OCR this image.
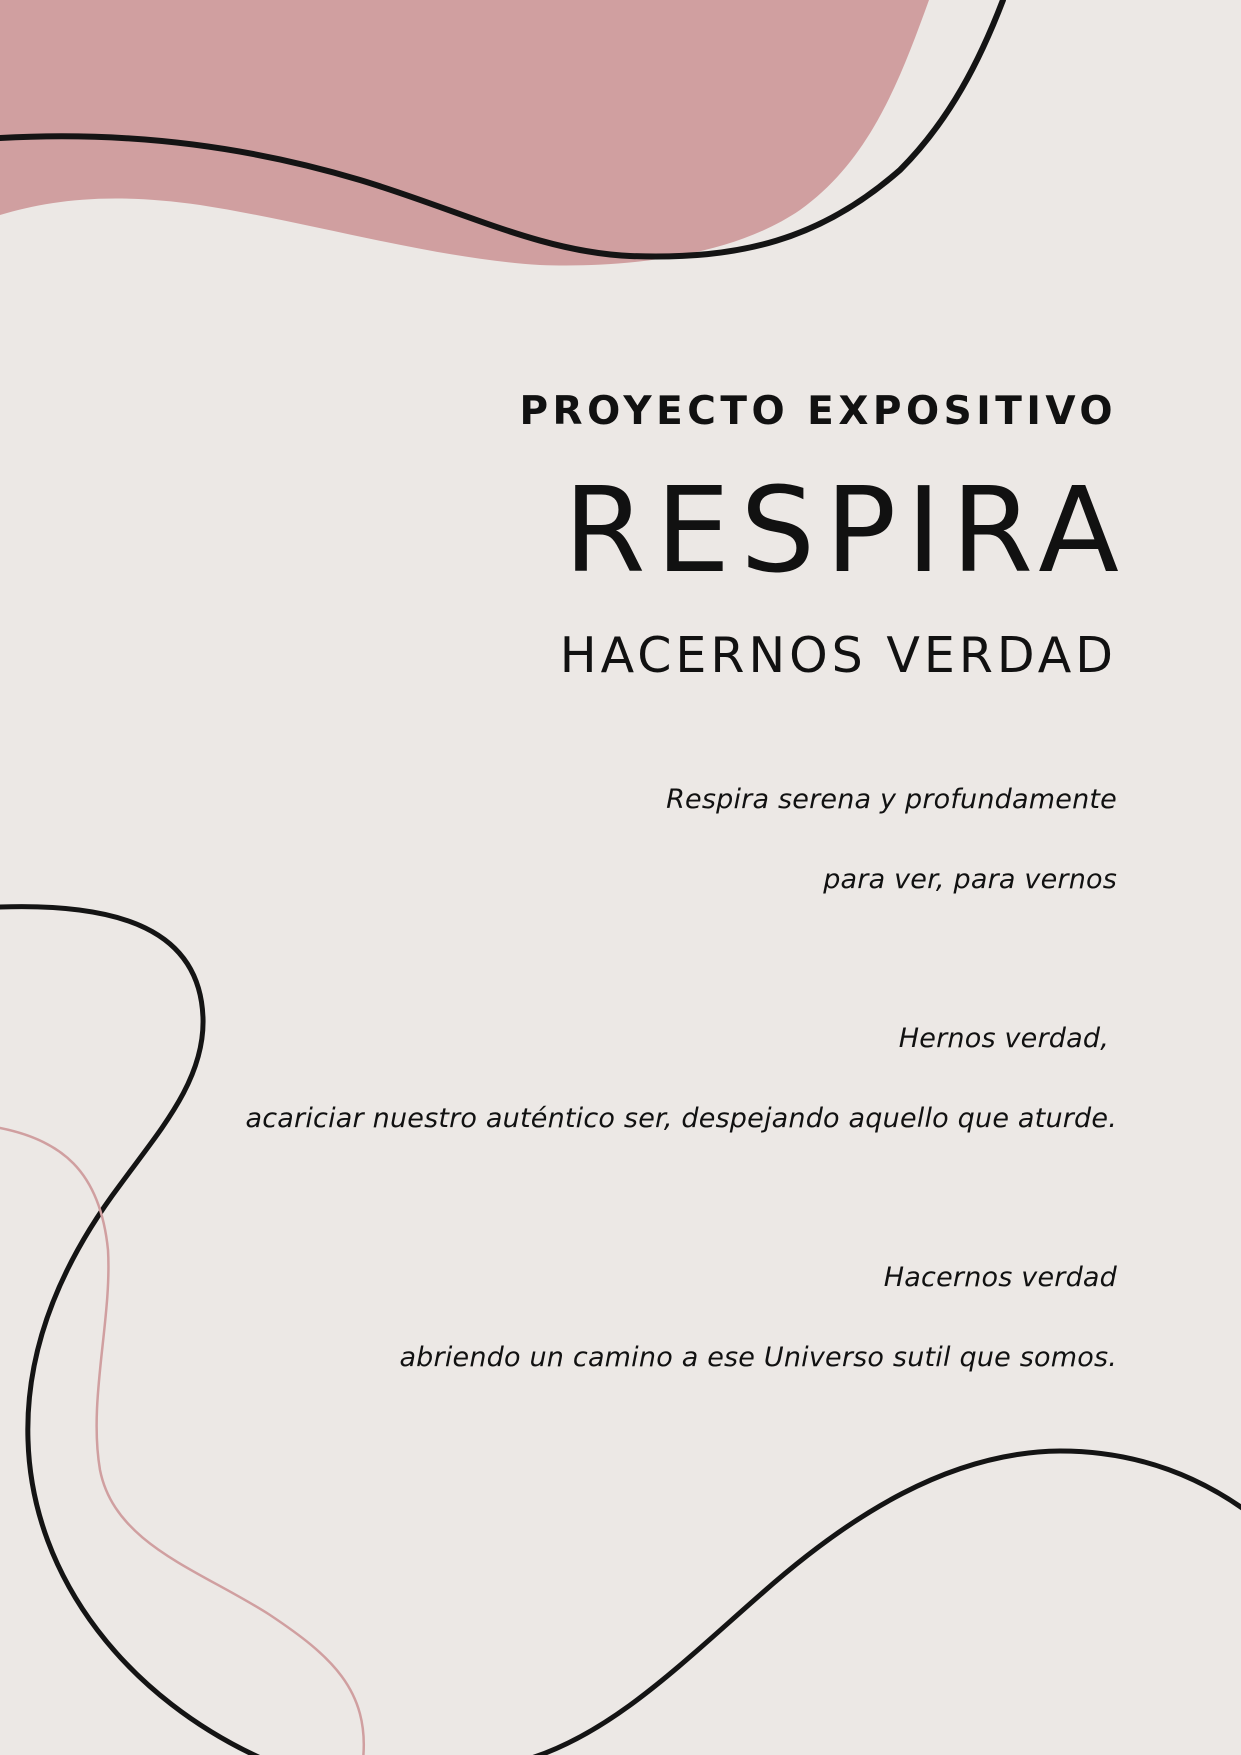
PROYECTO EXPOSITIVO
RESPIRA
HACERNOS VERDAD
Respira serena y profundamente
para ver, para vernos
Hernos verdad,
acariciar nuestro auténtico ser, despejando aquello que aturde.
Hacernos verdad
abriendo un camino a ese Universo sutil que somos.
